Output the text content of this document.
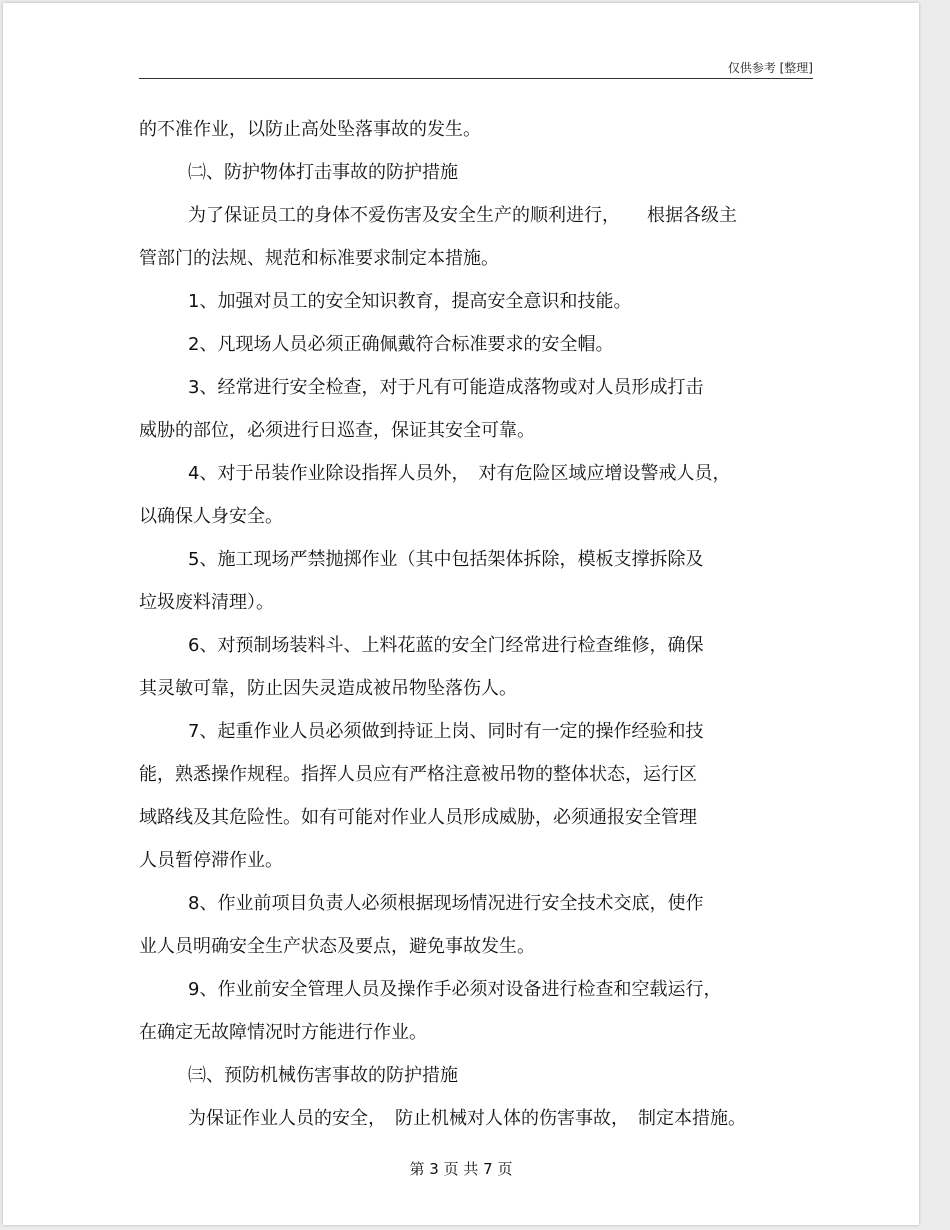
仅供参考 [整理]
的不准作业，以防止高处坠落事故的发生。
㈡、防护物体打击事故的防护措施
为了保证员工的身体不爱伤害及安全生产的顺利进行，　　根据各级主
管部门的法规、规范和标准要求制定本措施。
1、加强对员工的安全知识教育，提高安全意识和技能。
2、凡现场人员必须正确佩戴符合标准要求的安全帽。
3、经常进行安全检查，对于凡有可能造成落物或对人员形成打击
威胁的部位，必须进行日巡查，保证其安全可靠。
4、对于吊装作业除设指挥人员外，　对有危险区域应增设警戒人员，
以确保人身安全。
5、施工现场严禁抛掷作业（其中包括架体拆除，模板支撑拆除及
垃圾废料清理）。
6、对预制场装料斗、上料花蓝的安全门经常进行检查维修，确保
其灵敏可靠，防止因失灵造成被吊物坠落伤人。
7、起重作业人员必须做到持证上岗、同时有一定的操作经验和技
能，熟悉操作规程。指挥人员应有严格注意被吊物的整体状态，运行区
域路线及其危险性。如有可能对作业人员形成威胁，必须通报安全管理
人员暂停滞作业。
8、作业前项目负责人必须根据现场情况进行安全技术交底，使作
业人员明确安全生产状态及要点，避免事故发生。
9、作业前安全管理人员及操作手必须对设备进行检查和空载运行，
在确定无故障情况时方能进行作业。
㈢、预防机械伤害事故的防护措施
为保证作业人员的安全，　防止机械对人体的伤害事故，　制定本措施。
第 3 页 共 7 页
